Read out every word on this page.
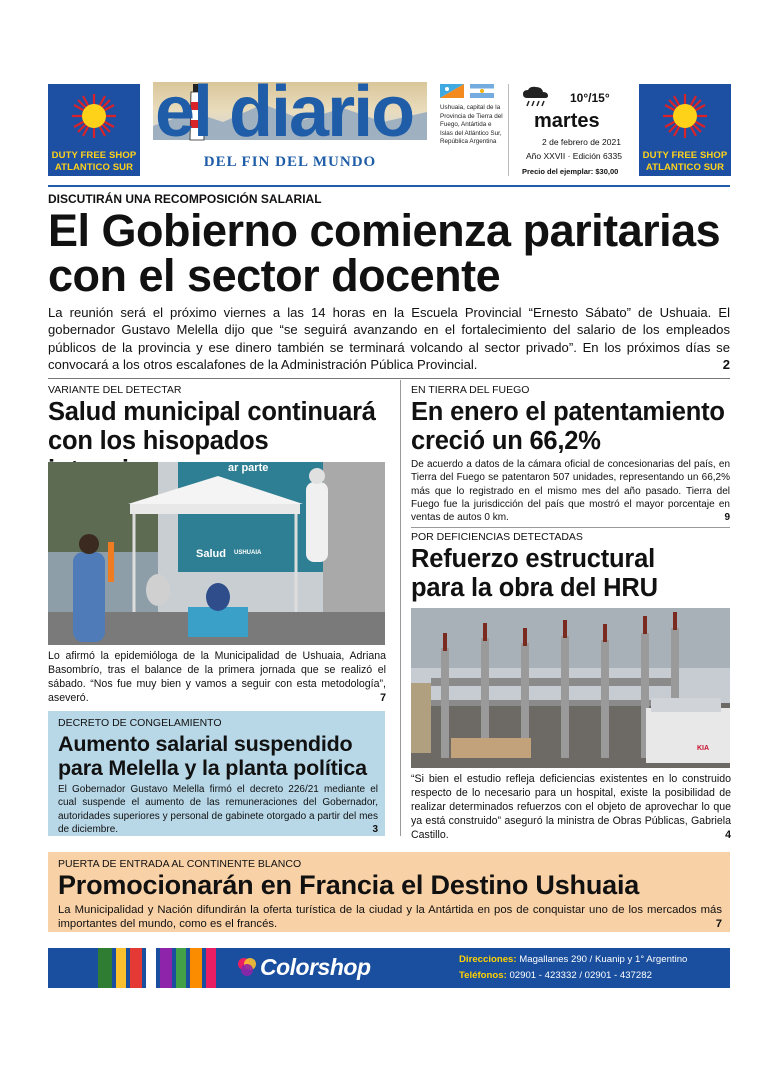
DUTY FREE SHOP
ATLANTICO SUR
el diario
DEL FIN DEL MUNDO
Ushuaia, capital de la Provincia de Tierra del Fuego, Antártida e Islas del Atlántico Sur, República Argentina
10°/15°
martes
2 de febrero de 2021
Año XXVII · Edición 6335
Precio del ejemplar: $30,00
DUTY FREE SHOP
ATLANTICO SUR
DISCUTIRÁN UNA RECOMPOSICIÓN SALARIAL
El Gobierno comienza paritarias
con el sector docente
La reunión será el próximo viernes a las 14 horas en la Escuela Provincial “Ernesto Sábato” de Ushuaia. El gobernador Gustavo Melella dijo que “se seguirá avanzando en el fortalecimiento del salario de los empleados públicos de la provincia y ese dinero también se terminará volcando al sector privado”. En los próximos días se convocará a los otros escalafones de la Administración Pública Provincial.	2
VARIANTE DEL DETECTAR
Salud municipal continuará
con los hisopados
Salud USHUAIA
ar parte
Lo afirmó la epidemióloga de la Municipalidad de Ushuaia, Adriana Basombrío, tras el balance de la primera jornada que se realizó el sábado. “Nos fue muy bien y vamos a seguir con esta metodología”, aseveró.	7
DECRETO DE CONGELAMIENTO
Aumento salarial suspendido
para Melella y la planta política
El Gobernador Gustavo Melella firmó el decreto 226/21 mediante el cual suspende el aumento de las remuneraciones del Gobernador, autoridades superiores y personal de gabinete otorgado a partir del mes de diciembre.	3
EN TIERRA DEL FUEGO
En enero el patentamiento
creció un 66,2%
De acuerdo a datos de la cámara oficial de concesionarias del país, en Tierra del Fuego se patentaron 507 unidades, representando un 66,2% más que lo registrado en el mismo mes del año pasado. Tierra del Fuego fue la jurisdicción del país que mostró el mayor porcentaje en ventas de autos 0 km.	9
POR DEFICIENCIAS DETECTADAS
Refuerzo estructural
para la obra del HRU
KIA
“Si bien el estudio refleja deficiencias existentes en lo construido respecto de lo necesario para un hospital, existe la posibilidad de realizar determinados refuerzos con el objeto de aprovechar lo que ya está construido” aseguró la ministra de Obras Públicas, Gabriela Castillo.	4
PUERTA DE ENTRADA AL CONTINENTE BLANCO
Promocionarán en Francia el Destino Ushuaia
La Municipalidad y Nación difundirán la oferta turística de la ciudad y la Antártida en pos de conquistar uno de los mercados más importantes del mundo, como es el francés.	7
Colorshop	Direcciones: Magallanes 290 / Kuanip y 1° Argentino
Teléfonos: 02901 - 423332 / 02901 - 437282
